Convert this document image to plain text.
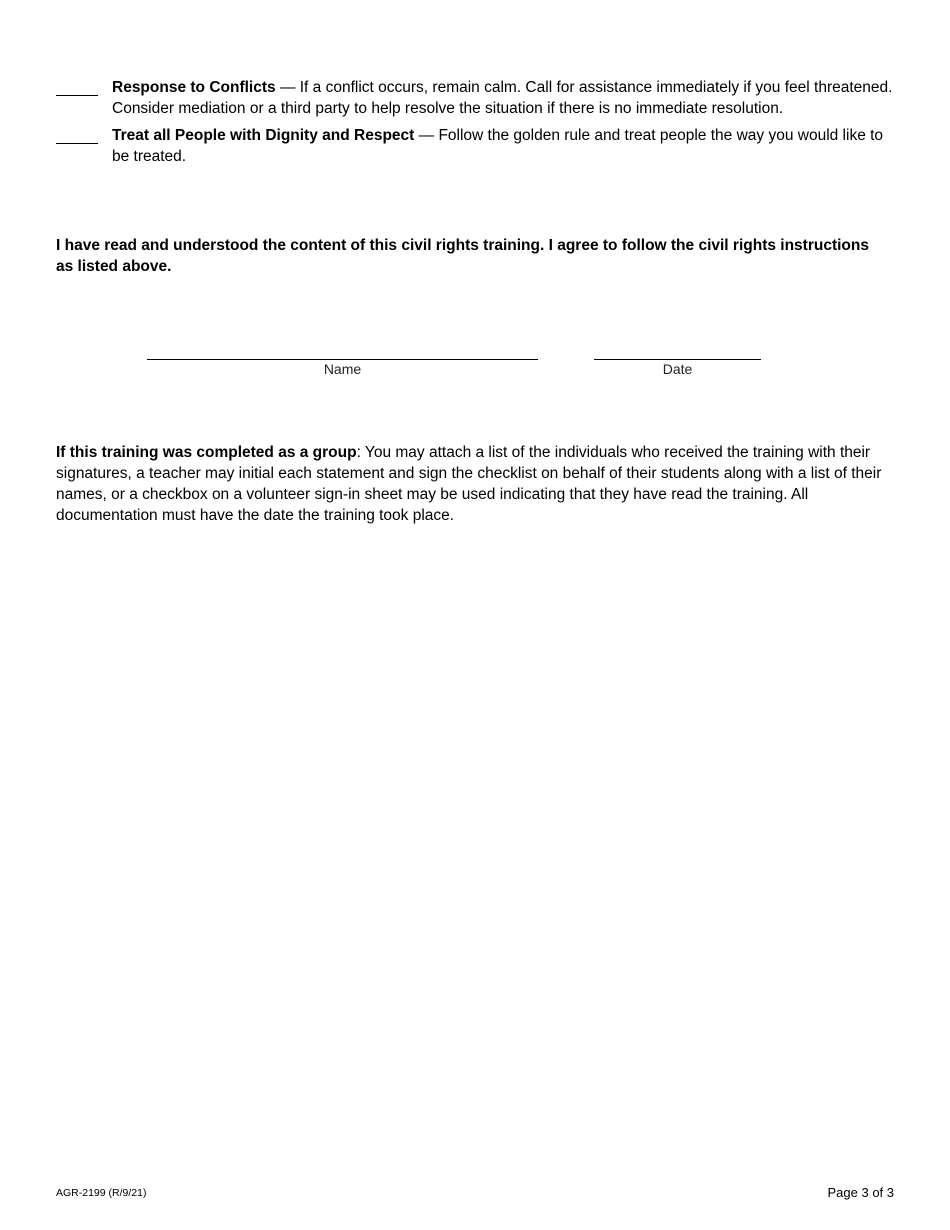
Response to Conflicts — If a conflict occurs, remain calm. Call for assistance immediately if you feel threatened. Consider mediation or a third party to help resolve the situation if there is no immediate resolution.
Treat all People with Dignity and Respect — Follow the golden rule and treat people the way you would like to be treated.
I have read and understood the content of this civil rights training. I agree to follow the civil rights instructions as listed above.
Name	Date
If this training was completed as a group: You may attach a list of the individuals who received the training with their signatures, a teacher may initial each statement and sign the checklist on behalf of their students along with a list of their names, or a checkbox on a volunteer sign-in sheet may be used indicating that they have read the training. All documentation must have the date the training took place.
AGR-2199 (R/9/21)	Page 3 of 3
